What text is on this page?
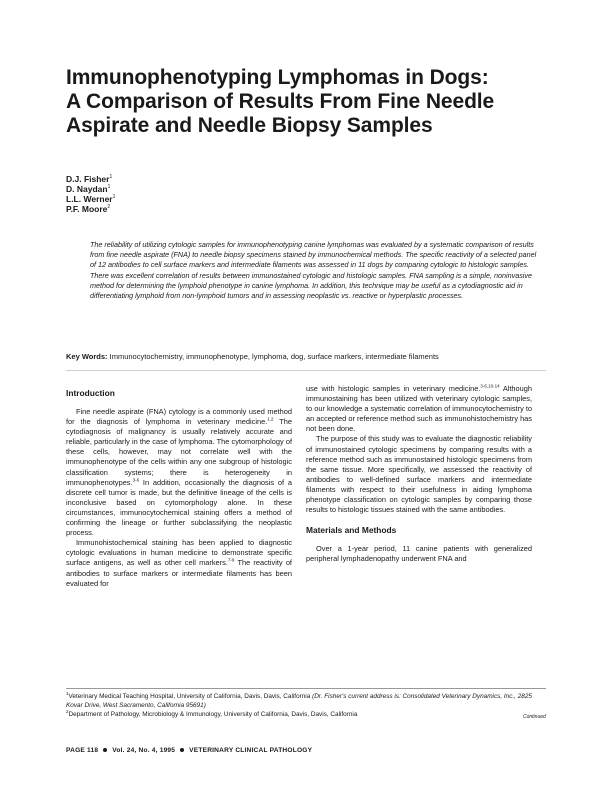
Immunophenotyping Lymphomas in Dogs:
A Comparison of Results From Fine Needle
Aspirate and Needle Biopsy Samples
D.J. Fisher$^1$
D. Naydan$^1$
L.L. Werner$^1$
P.F. Moore$^2$

The reliability of utilizing cytologic samples for immunophenotyping canine lymphomas was evaluated by a systematic comparison of results from fine needle aspirate (FNA) to needle biopsy specimens stained by immunochemical methods. The specific reactivity of a selected panel of 12 antibodies to cell surface markers and intermediate filaments was assessed in 11 dogs by comparing cytologic to histologic samples. There was excellent correlation of results between immunostained cytologic and histologic samples. FNA sampling is a simple, noninvasive method for determining the lymphoid phenotype in canine lymphoma. In addition, this technique may be useful as a cytodiagnostic aid in differentiating lymphoid from non-lymphoid tumors and in assessing neoplastic vs. reactive or hyperplastic processes.

Key Words: Immunocytochemistry, immunophenotype, lymphoma, dog, surface markers, intermediate filaments
Introduction

Fine needle aspirate (FNA) cytology is a commonly used method for the diagnosis of lymphoma in veterinary medicine.$^{1,2}$ The cytodiagnosis of malignancy is usually relatively accurate and reliable, particularly in the case of lymphoma. The cytomorphology of these cells, however, may not correlate well with the immunophenotype of the cells within any one subgroup of histologic classification systems; there is heterogeneity in immunophenotypes.$^{3-6}$ In addition, occasionally the diagnosis of a discrete cell tumor is made, but the definitive lineage of the cells is inconclusive based on cytomorphology alone. In these circumstances, immunocytochemical staining offers a method of confirming the lineage or further subclassifying the neoplastic process.

Immunohistochemical staining has been applied to diagnostic cytologic evaluations in human medicine to demonstrate specific surface antigens, as well as other cell markers.$^{7-9}$ The reactivity of antibodies to surface markers or intermediate filaments has been evaluated for

use with histologic samples in veterinary medicine.$^{3-6,10-14}$ Although immunostaining has been utilized with veterinary cytologic samples, to our knowledge a systematic correlation of immunocytochemistry to an accepted or reference method such as immunohistochemistry has not been done.

The purpose of this study was to evaluate the diagnostic reliability of immunostained cytologic specimens by comparing results with a reference method such as immunostained histologic specimens from the same tissue. More specifically, we assessed the reactivity of antibodies to well-defined surface markers and intermediate filaments with respect to their usefulness in aiding lymphoma phenotype classification on cytologic samples by comparing those results to histologic tissues stained with the same antibodies.

Materials and Methods

Over a 1-year period, 11 canine patients with generalized peripheral lymphadenopathy underwent FNA and

$^1$Veterinary Medical Teaching Hospital, University of California, Davis, Davis, California (Dr. Fisher's current address is: Consolidated Veterinary Dynamics, Inc., 2825 Kovar Drive, West Sacramento, California 95691)

$^2$Department of Pathology, Microbiology & Immunology, University of California, Davis, Davis, California	Continued
PAGE 118 Vol. 24, No. 4, 1995 VETERINARY CLINICAL PATHOLOGY
